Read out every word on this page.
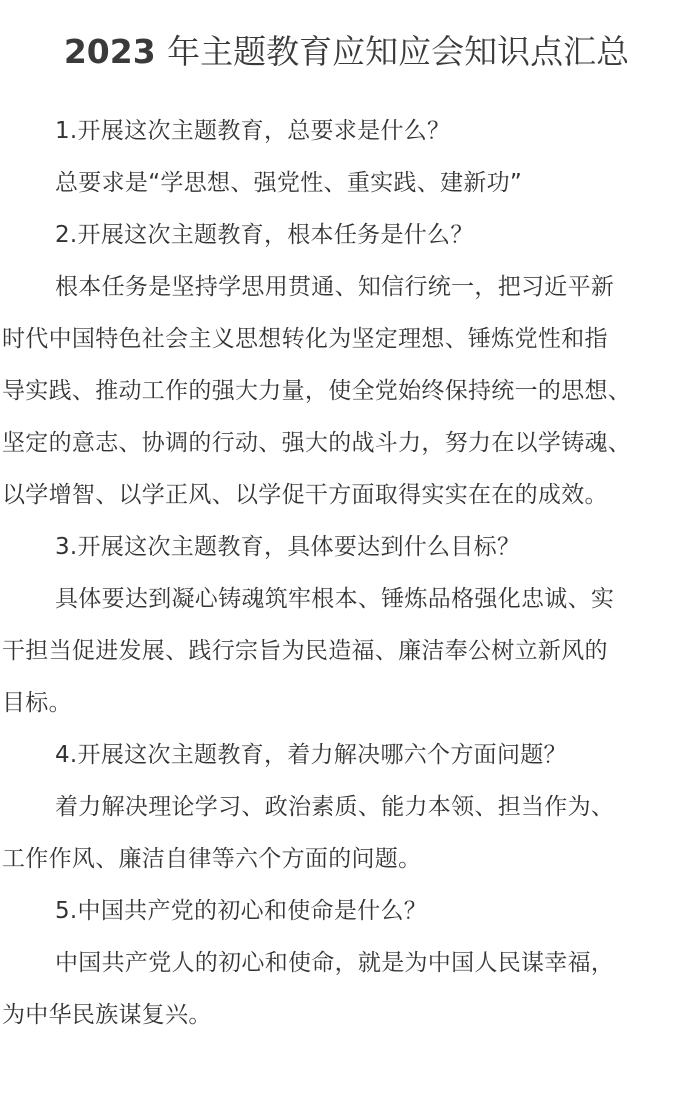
2023 年主题教育应知应会知识点汇总
1.开展这次主题教育，总要求是什么？
总要求是“学思想、强党性、重实践、建新功”
2.开展这次主题教育，根本任务是什么？
根本任务是坚持学思用贯通、知信行统一，把习近平新
时代中国特色社会主义思想转化为坚定理想、锤炼党性和指
导实践、推动工作的强大力量，使全党始终保持统一的思想、
坚定的意志、协调的行动、强大的战斗力，努力在以学铸魂、
以学增智、以学正风、以学促干方面取得实实在在的成效。
3.开展这次主题教育，具体要达到什么目标？
具体要达到凝心铸魂筑牢根本、锤炼品格强化忠诚、实
干担当促进发展、践行宗旨为民造福、廉洁奉公树立新风的
目标。
4.开展这次主题教育，着力解决哪六个方面问题？
着力解决理论学习、政治素质、能力本领、担当作为、
工作作风、廉洁自律等六个方面的问题。
5.中国共产党的初心和使命是什么？
中国共产党人的初心和使命，就是为中国人民谋幸福，
为中华民族谋复兴。
